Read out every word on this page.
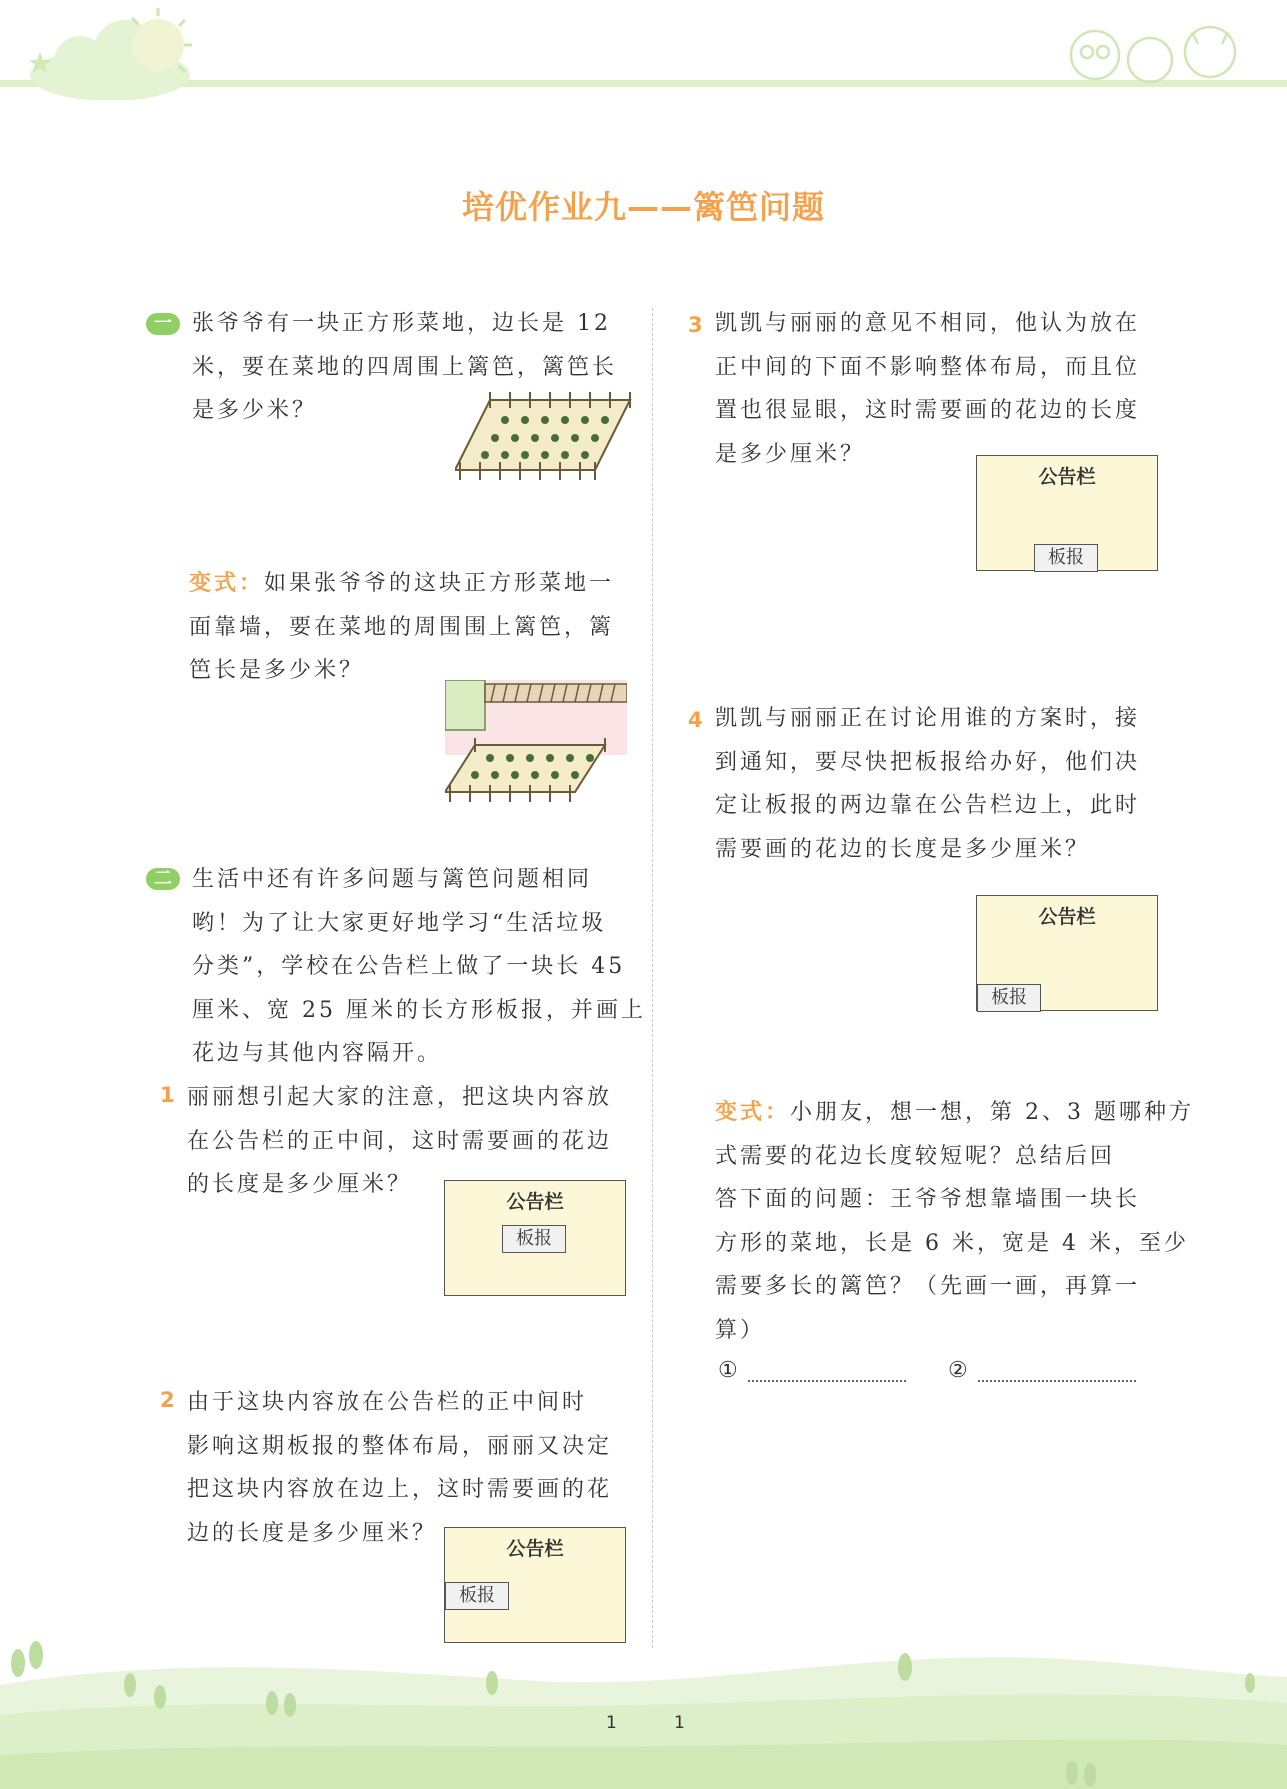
培优作业九——篱笆问题
一 张爷爷有一块正方形菜地，边长是 12
米，要在菜地的四周围上篱笆，篱笆长
是多少米？
变式：如果张爷爷的这块正方形菜地一
面靠墙，要在菜地的周围围上篱笆，篱
笆长是多少米？
二 生活中还有许多问题与篱笆问题相同
哟！为了让大家更好地学习“生活垃圾
分类”，学校在公告栏上做了一块长 45
厘米、宽 25 厘米的长方形板报，并画上
花边与其他内容隔开。
1 丽丽想引起大家的注意，把这块内容放
在公告栏的正中间，这时需要画的花边
的长度是多少厘米？
公告栏
板报
2 由于这块内容放在公告栏的正中间时
影响这期板报的整体布局，丽丽又决定
把这块内容放在边上，这时需要画的花
边的长度是多少厘米？
公告栏
板报
3 凯凯与丽丽的意见不相同，他认为放在
正中间的下面不影响整体布局，而且位
置也很显眼，这时需要画的花边的长度
是多少厘米？
公告栏
板报
4 凯凯与丽丽正在讨论用谁的方案时，接
到通知，要尽快把板报给办好，他们决
定让板报的两边靠在公告栏边上，此时
需要画的花边的长度是多少厘米？
公告栏
板报
变式：小朋友，想一想，第 2、3 题哪种方
式需要的花边长度较短呢？总结后回
答下面的问题：王爷爷想靠墙围一块长
方形的菜地，长是 6 米，宽是 4 米，至少
需要多长的篱笆？（先画一画，再算一
算）
①	②
1	1
